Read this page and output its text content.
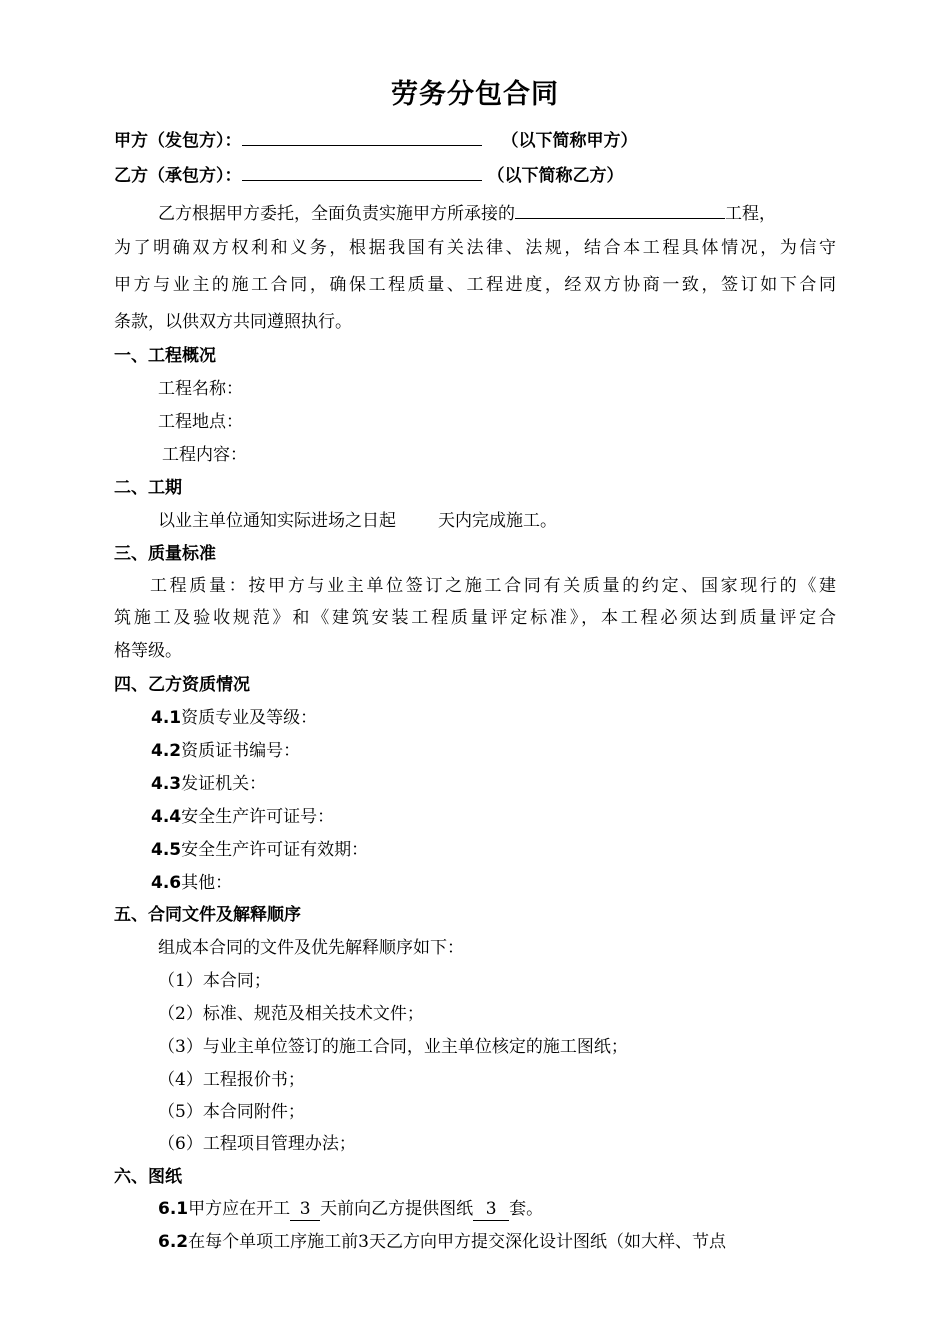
劳务分包合同
甲方（发包方）：	（以下简称甲方）
乙方（承包方）：	（以下简称乙方）
乙方根据甲方委托，全面负责实施甲方所承接的	工程，
为了明确双方权利和义务，根据我国有关法律、法规，结合本工程具体情况，为信守
甲方与业主的施工合同，确保工程质量、工程进度，经双方协商一致，签订如下合同
条款，以供双方共同遵照执行。
一、工程概况
工程名称：
工程地点：
工程内容：
二、工期
以业主单位通知实际进场之日起 天内完成施工。
三、质量标准
工程质量：按甲方与业主单位签订之施工合同有关质量的约定、国家现行的《建
筑施工及验收规范》和《建筑安装工程质量评定标准》，本工程必须达到质量评定合
格等级。
四、乙方资质情况
4.1资质专业及等级：
4.2资质证书编号：
4.3发证机关：
4.4安全生产许可证号：
4.5安全生产许可证有效期：
4.6其他：
五、合同文件及解释顺序
组成本合同的文件及优先解释顺序如下：
（1）本合同；
（2）标准、规范及相关技术文件；
（3）与业主单位签订的施工合同，业主单位核定的施工图纸；
（4）工程报价书；
（5）本合同附件；
（6）工程项目管理办法；
六、图纸
6.1甲方应在开工 3 天前向乙方提供图纸 3 套。
6.2在每个单项工序施工前3天乙方向甲方提交深化设计图纸（如大样、节点
